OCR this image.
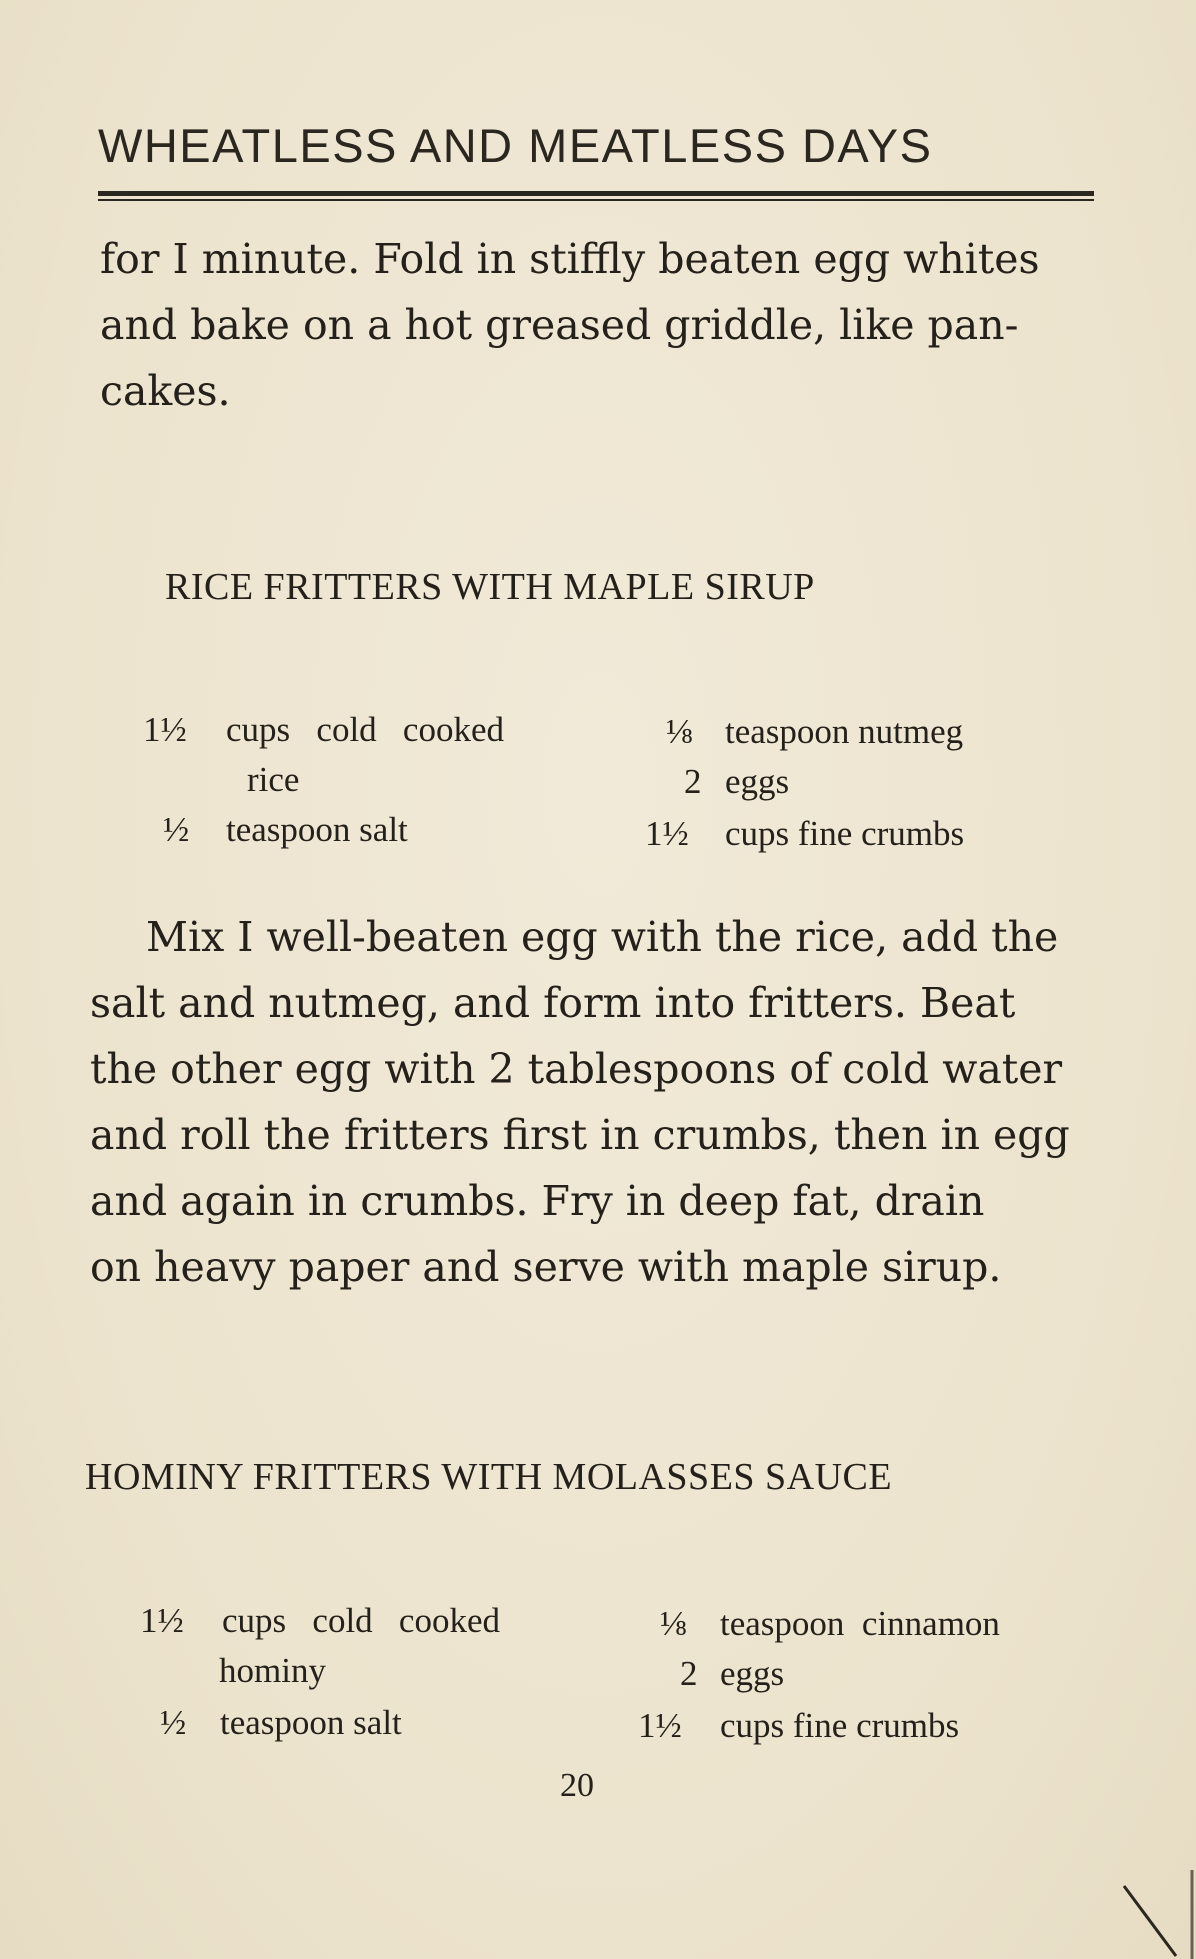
WHEATLESS AND MEATLESS DAYS
for I minute. Fold in stiffly beaten egg whites
and bake on a hot greased griddle, like pan-
cakes.
RICE FRITTERS WITH MAPLE SIRUP
1½ cups   cold   cooked
rice
½ teaspoon salt
⅛ teaspoon nutmeg
2 eggs
1½ cups fine crumbs
Mix I well-beaten egg with the rice, add the
salt and nutmeg, and form into fritters. Beat
the other egg with 2 tablespoons of cold water
and roll the fritters first in crumbs, then in egg
and again in crumbs. Fry in deep fat, drain
on heavy paper and serve with maple sirup.
HOMINY FRITTERS WITH MOLASSES SAUCE
1½ cups   cold   cooked
hominy
½ teaspoon salt
⅛ teaspoon  cinnamon
2 eggs
1½ cups fine crumbs
20
